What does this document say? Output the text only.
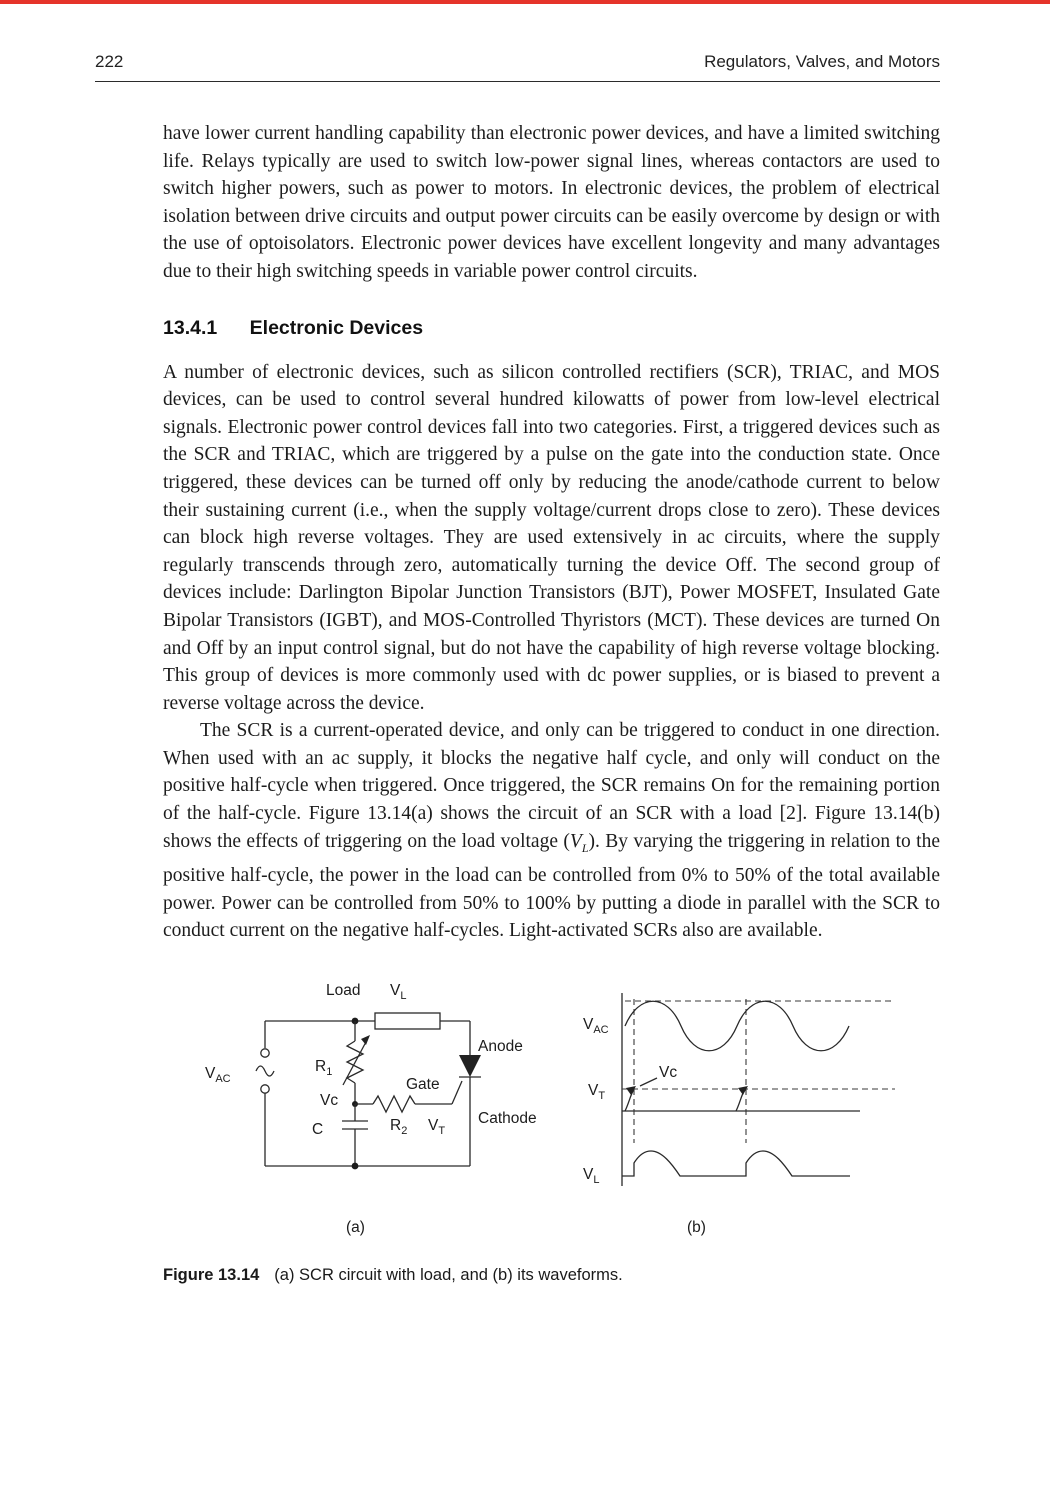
222	Regulators, Valves, and Motors

have lower current handling capability than electronic power devices, and have a limited switching life. Relays typically are used to switch low-power signal lines, whereas contactors are used to switch higher powers, such as power to motors. In electronic devices, the problem of electrical isolation between drive circuits and output power circuits can be easily overcome by design or with the use of optoisolators. Electronic power devices have excellent longevity and many advantages due to their high switching speeds in variable power control circuits.

13.4.1 Electronic Devices

A number of electronic devices, such as silicon controlled rectifiers (SCR), TRIAC, and MOS devices, can be used to control several hundred kilowatts of power from low-level electrical signals. Electronic power control devices fall into two categories. First, a triggered devices such as the SCR and TRIAC, which are triggered by a pulse on the gate into the conduction state. Once triggered, these devices can be turned off only by reducing the anode/cathode current to below their sustaining current (i.e., when the supply voltage/current drops close to zero). These devices can block high reverse voltages. They are used extensively in ac circuits, where the supply regularly transcends through zero, automatically turning the device Off. The second group of devices include: Darlington Bipolar Junction Transistors (BJT), Power MOSFET, Insulated Gate Bipolar Transistors (IGBT), and MOS-Controlled Thyristors (MCT). These devices are turned On and Off by an input control signal, but do not have the capability of high reverse voltage blocking. This group of devices is more commonly used with dc power supplies, or is biased to prevent a reverse voltage across the device.

The SCR is a current-operated device, and only can be triggered to conduct in one direction. When used with an ac supply, it blocks the negative half cycle, and only will conduct on the positive half-cycle when triggered. Once triggered, the SCR remains On for the remaining portion of the half-cycle. Figure 13.14(a) shows the circuit of an SCR with a load [2]. Figure 13.14(b) shows the effects of triggering on the load voltage $(V_L)$. By varying the triggering in relation to the positive half-cycle, the power in the load can be controlled from 0% to 50% of the total available power. Power can be controlled from 50% to 100% by putting a diode in parallel with the SCR to conduct current on the negative half-cycles. Light-activated SCRs also are available.

Load $V_L$
$V_{AC}$
$R_1$
Vc
C	$R_2$ $V_T$
Gate
Anode
Cathode
(a)
$V_{AC}$
Vc
$V_T$
$V_L$
(b)

Figure 13.14 (a) SCR circuit with load, and (b) its waveforms.
